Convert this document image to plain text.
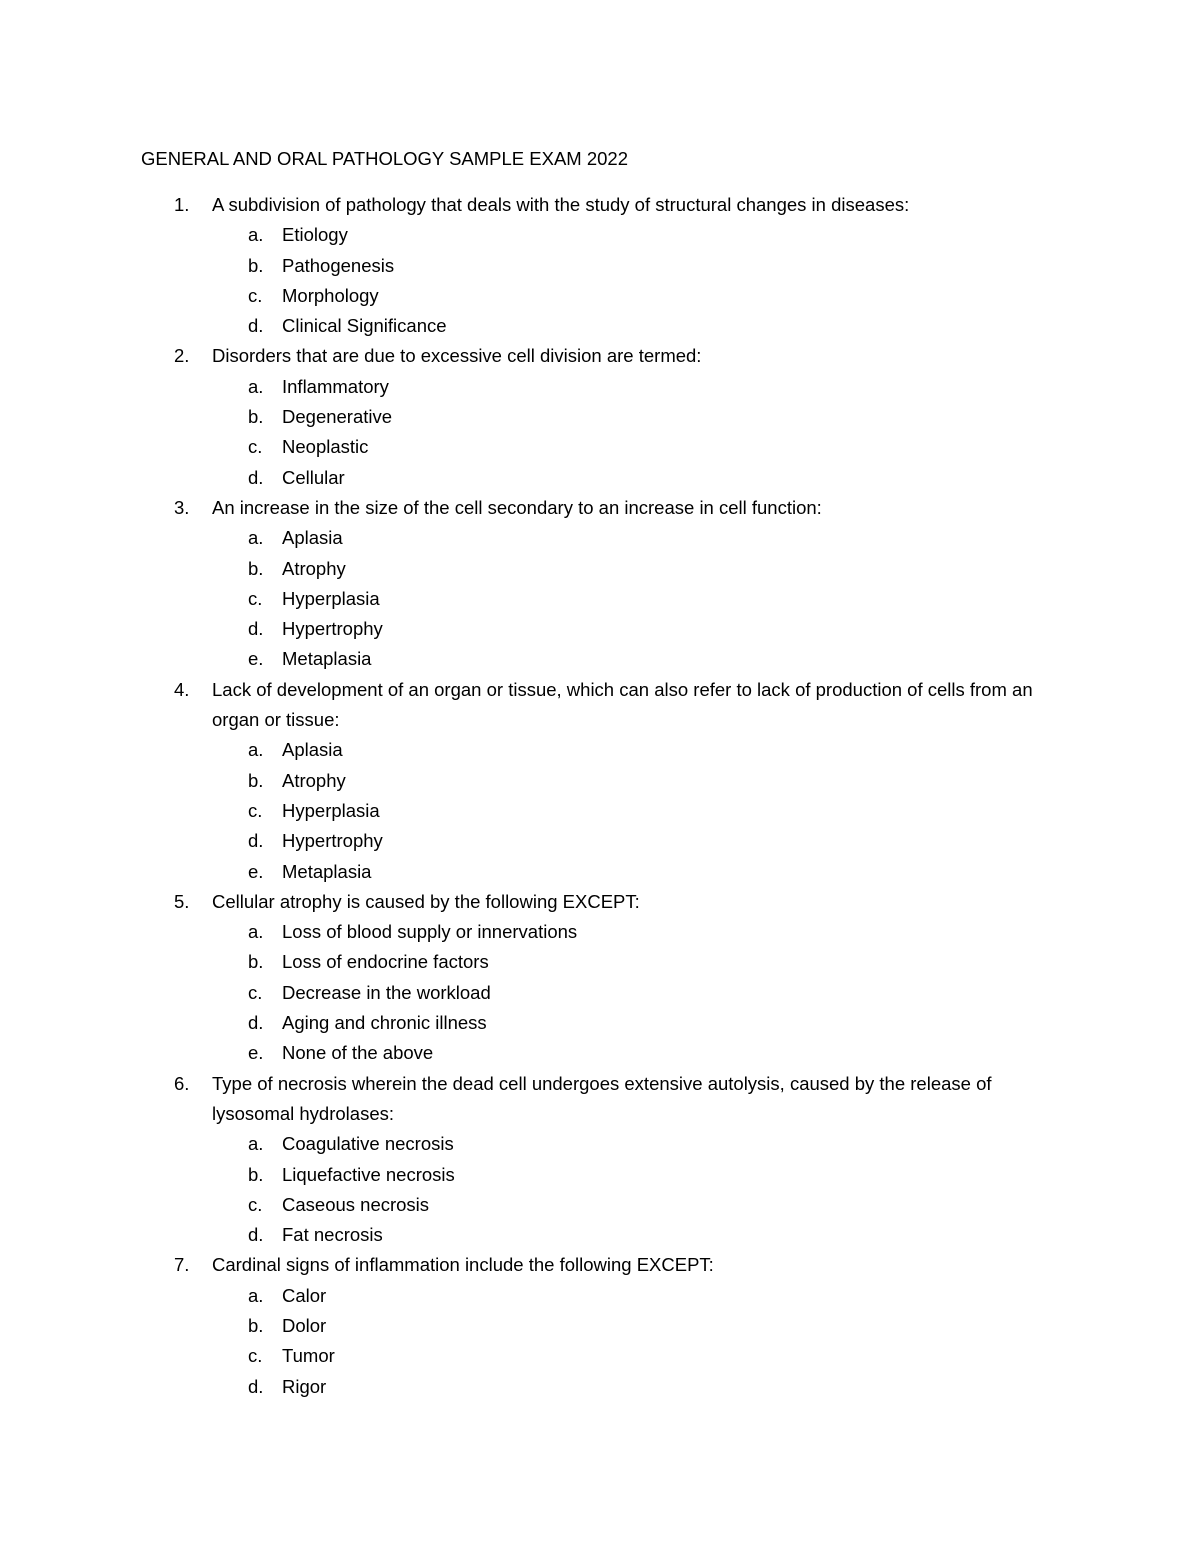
GENERAL AND ORAL PATHOLOGY SAMPLE EXAM 2022
1. A subdivision of pathology that deals with the study of structural changes in diseases:
a. Etiology
b. Pathogenesis
c. Morphology
d. Clinical Significance
2. Disorders that are due to excessive cell division are termed:
a. Inflammatory
b. Degenerative
c. Neoplastic
d. Cellular
3. An increase in the size of the cell secondary to an increase in cell function:
a. Aplasia
b. Atrophy
c. Hyperplasia
d. Hypertrophy
e. Metaplasia
4. Lack of development of an organ or tissue, which can also refer to lack of production of cells from an organ or tissue:
a. Aplasia
b. Atrophy
c. Hyperplasia
d. Hypertrophy
e. Metaplasia
5. Cellular atrophy is caused by the following EXCEPT:
a. Loss of blood supply or innervations
b. Loss of endocrine factors
c. Decrease in the workload
d. Aging and chronic illness
e. None of the above
6. Type of necrosis wherein the dead cell undergoes extensive autolysis, caused by the release of lysosomal hydrolases:
a. Coagulative necrosis
b. Liquefactive necrosis
c. Caseous necrosis
d. Fat necrosis
7. Cardinal signs of inflammation include the following EXCEPT:
a. Calor
b. Dolor
c. Tumor
d. Rigor
